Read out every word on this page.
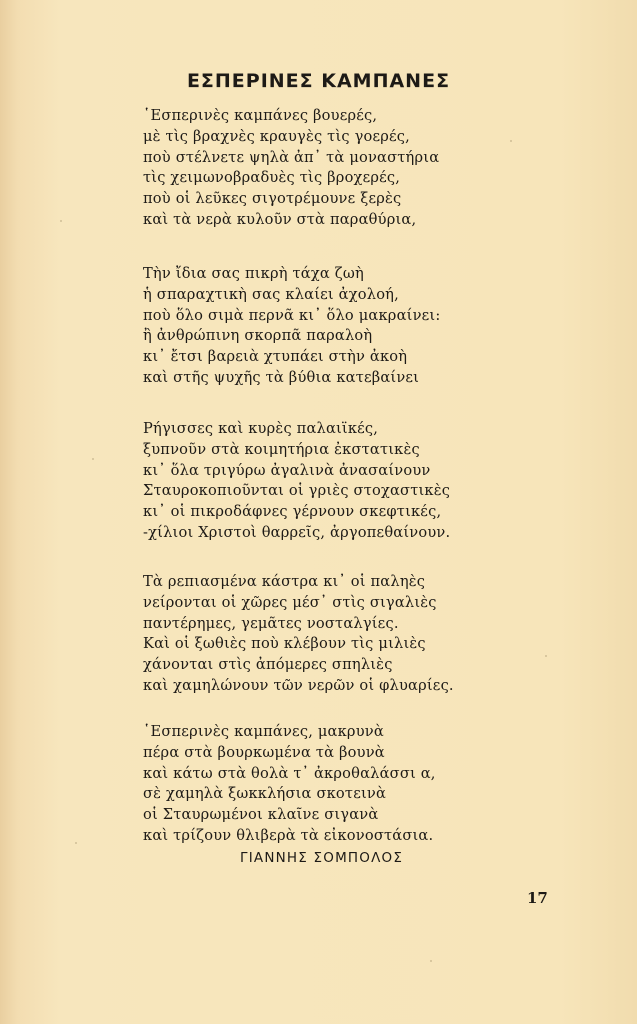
ΕΣΠΕΡΙΝΕΣ ΚΑΜΠΑΝΕΣ
῾Εσπερινὲς καμπάνες βουερές,
μὲ τὶς βραχνὲς κραυγὲς τὶς γοερές,
ποὺ στέλνετε ψηλὰ ἀπ᾽ τὰ μοναστήρια
τὶς χειμωνοβραδυὲς τὶς βροχερές,
ποὺ οἱ λεῦκες σιγοτρέμουνε ξερὲς
καὶ τὰ νερὰ κυλοῦν στὰ παραθύρια,
Τὴν ἴδια σας πικρὴ τάχα ζωὴ
ἡ σπαραχτικὴ σας κλαίει ἀχολοή,
ποὺ ὅλο σιμὰ περνᾶ κι᾽ ὅλο μακραίνει:
ἢ ἀνθρώπινη σκορπᾶ παραλοὴ
κι᾽ ἔτσι βαρειὰ χτυπάει στὴν ἀκοὴ
καὶ στῆς ψυχῆς τὰ βύθια κατεβαίνει
Ρήγισσες καὶ κυρὲς παλαιϊκές,
ξυπνοῦν στὰ κοιμητήρια ἐκστατικὲς
κι᾽ ὅλα τριγύρω ἀγαλινὰ ἀνασαίνουν
Σταυροκοπιοῦνται οἱ γριὲς στοχαστικὲς
κι᾽ οἱ πικροδάφνες γέρνουν σκεφτικές,
-χίλιοι Χριστοὶ θαρρεῖς, ἀργοπεθαίνουν.
Τὰ ρεπιασμένα κάστρα κι᾽ οἱ παληὲς
νείρονται οἱ χῶρες μέσ᾽ στὶς σιγαλιὲς
παντέρημες, γεμᾶτες νοσταλγίες.
Καὶ οἱ ξωθιὲς ποὺ κλέβουν τὶς μιλιὲς
χάνονται στὶς ἀπόμερες σπηλιὲς
καὶ χαμηλώνουν τῶν νερῶν οἱ φλυαρίες.
῾Εσπερινὲς καμπάνες, μακρυνὰ
πέρα στὰ βουρκωμένα τὰ βουνὰ
καὶ κάτω στὰ θολὰ τ᾽ ἀκροθαλάσσι α,
σὲ χαμηλὰ ξωκκλήσια σκοτεινὰ
οἱ Σταυρωμένοι κλαῖνε σιγανὰ
καὶ τρίζουν θλιβερὰ τὰ εἰκονοστάσια.
ΓΙΑΝΝΗΣ ΣΟΜΠΟΛΟΣ
17
